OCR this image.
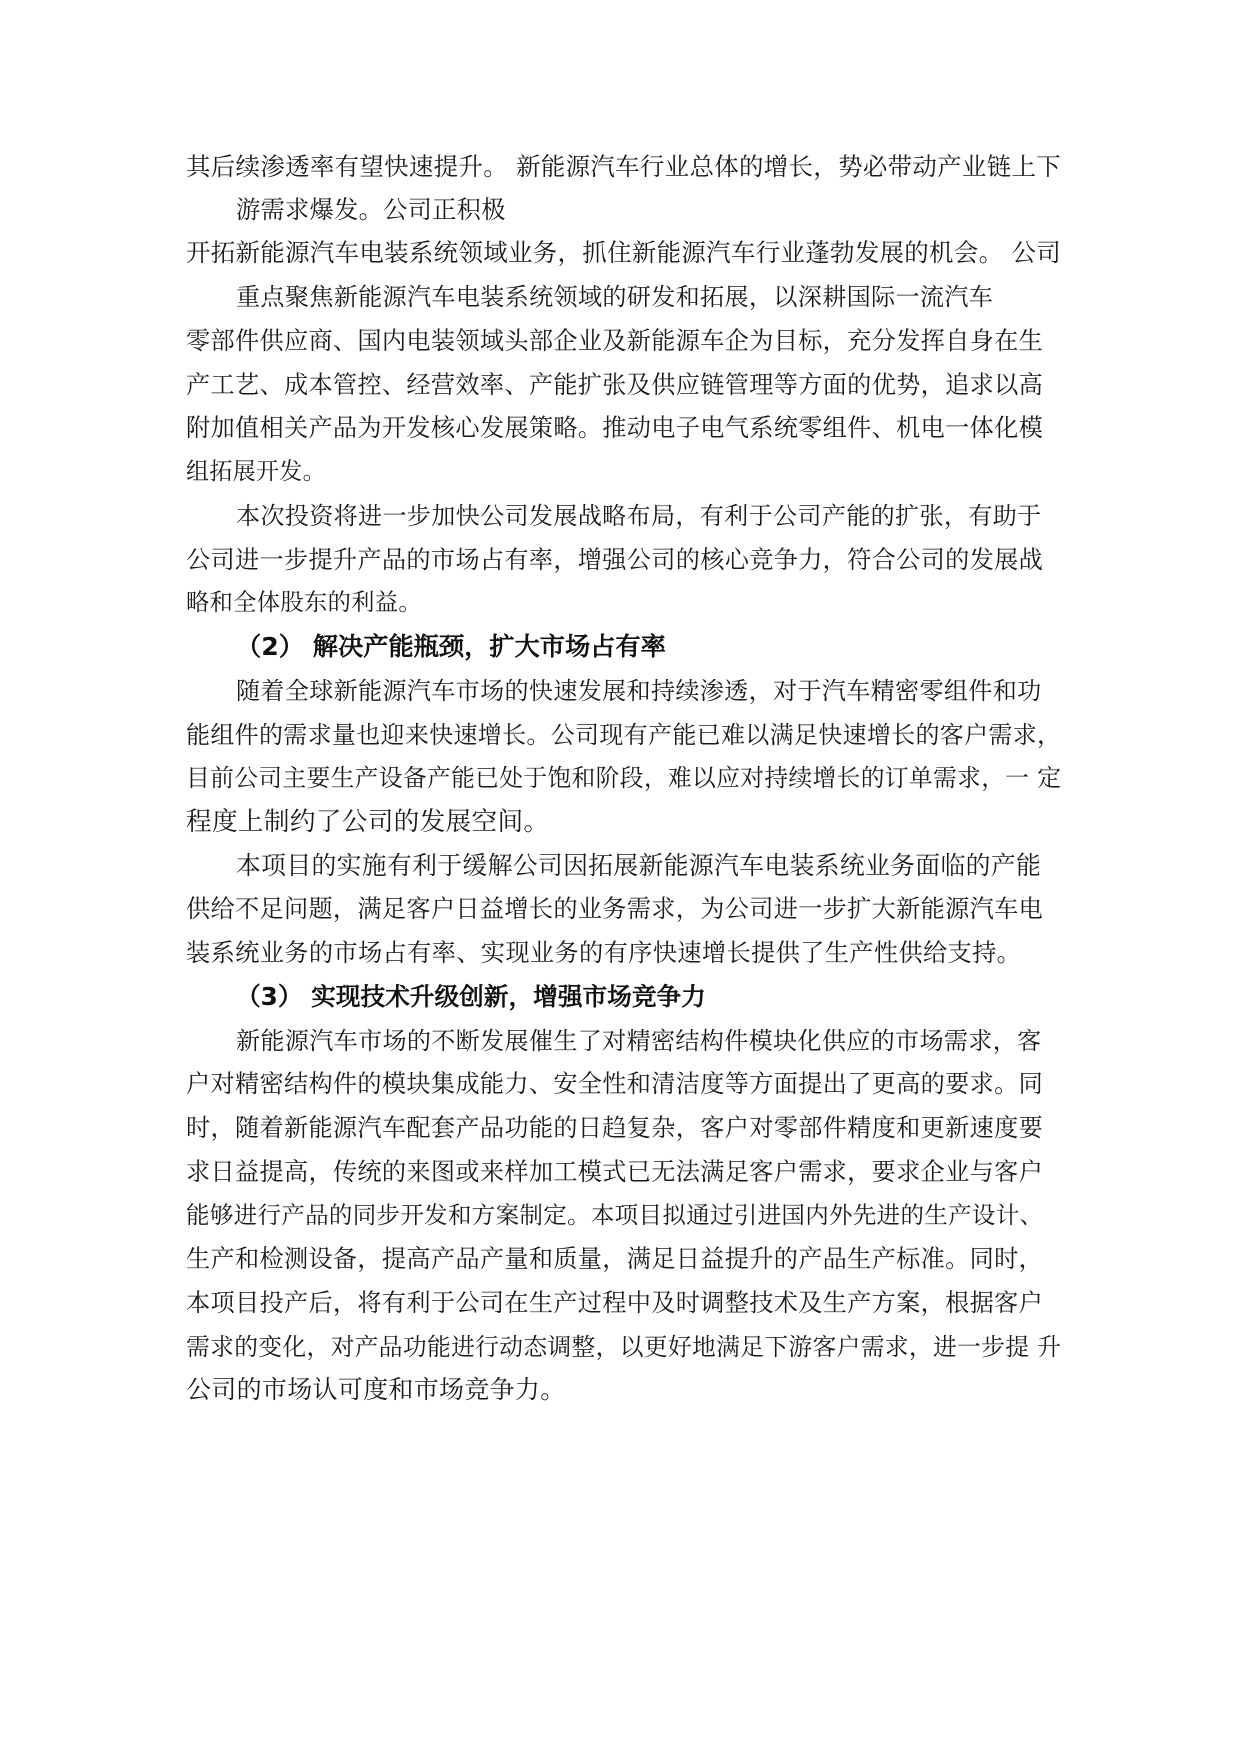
其后续渗透率有望快速提升。 新能源汽车行业总体的增长，势必带动产业链上下
游需求爆发。公司正积极
开拓新能源汽车电装系统领域业务，抓住新能源汽车行业蓬勃发展的机会。 公司
重点聚焦新能源汽车电装系统领域的研发和拓展，以深耕国际一流汽车
零部件供应商、国内电装领域头部企业及新能源车企为目标，充分发挥自身在生
产工艺、成本管控、经营效率、产能扩张及供应链管理等方面的优势，追求以高
附加值相关产品为开发核心发展策略。推动电子电气系统零组件、机电一体化模
组拓展开发。
本次投资将进一步加快公司发展战略布局，有利于公司产能的扩张，有助于
公司进一步提升产品的市场占有率，增强公司的核心竞争力，符合公司的发展战
略和全体股东的利益。
（2） 解决产能瓶颈，扩大市场占有率
随着全球新能源汽车市场的快速发展和持续渗透，对于汽车精密零组件和功
能组件的需求量也迎来快速增长。公司现有产能已难以满足快速增长的客户需求，
目前公司主要生产设备产能已处于饱和阶段，难以应对持续增长的订单需求，一 定
程度上制约了公司的发展空间。
本项目的实施有利于缓解公司因拓展新能源汽车电装系统业务面临的产能
供给不足问题，满足客户日益增长的业务需求，为公司进一步扩大新能源汽车电
装系统业务的市场占有率、实现业务的有序快速增长提供了生产性供给支持。
（3） 实现技术升级创新，增强市场竞争力
新能源汽车市场的不断发展催生了对精密结构件模块化供应的市场需求，客
户对精密结构件的模块集成能力、安全性和清洁度等方面提出了更高的要求。同
时，随着新能源汽车配套产品功能的日趋复杂，客户对零部件精度和更新速度要
求日益提高，传统的来图或来样加工模式已无法满足客户需求，要求企业与客户
能够进行产品的同步开发和方案制定。本项目拟通过引进国内外先进的生产设计、
生产和检测设备，提高产品产量和质量，满足日益提升的产品生产标准。同时，
本项目投产后，将有利于公司在生产过程中及时调整技术及生产方案，根据客户
需求的变化，对产品功能进行动态调整，以更好地满足下游客户需求，进一步提 升
公司的市场认可度和市场竞争力。
